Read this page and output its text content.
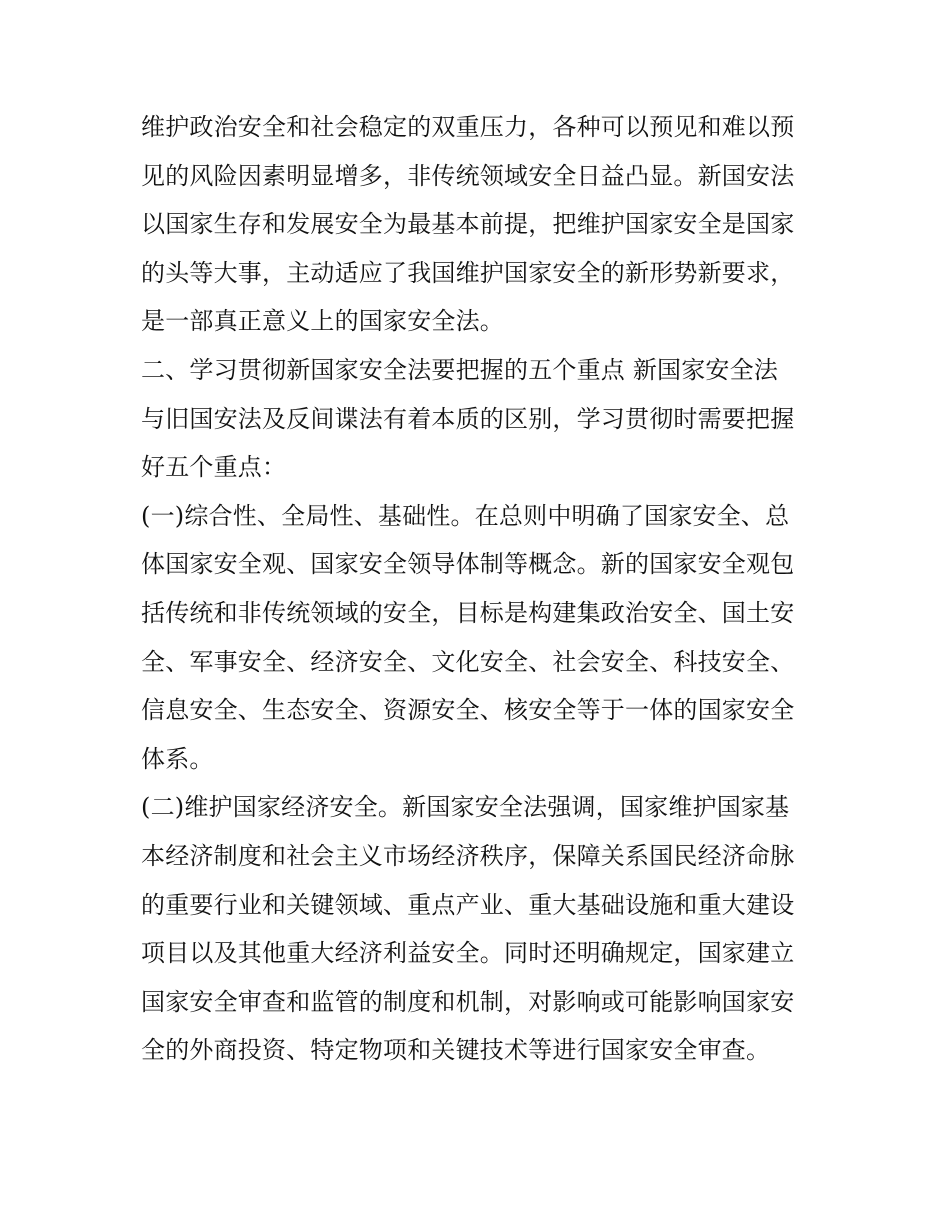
维护政治安全和社会稳定的双重压力，各种可以预见和难以预
见的风险因素明显增多，非传统领域安全日益凸显。新国安法
以国家生存和发展安全为最基本前提，把维护国家安全是国家
的头等大事，主动适应了我国维护国家安全的新形势新要求，
是一部真正意义上的国家安全法。
二、学习贯彻新国家安全法要把握的五个重点 新国家安全法
与旧国安法及反间谍法有着本质的区别，学习贯彻时需要把握
好五个重点：
(一)综合性、全局性、基础性。在总则中明确了国家安全、总
体国家安全观、国家安全领导体制等概念。新的国家安全观包
括传统和非传统领域的安全，目标是构建集政治安全、国土安
全、军事安全、经济安全、文化安全、社会安全、科技安全、
信息安全、生态安全、资源安全、核安全等于一体的国家安全
体系。
(二)维护国家经济安全。新国家安全法强调，国家维护国家基
本经济制度和社会主义市场经济秩序，保障关系国民经济命脉
的重要行业和关键领域、重点产业、重大基础设施和重大建设
项目以及其他重大经济利益安全。同时还明确规定，国家建立
国家安全审查和监管的制度和机制，对影响或可能影响国家安
全的外商投资、特定物项和关键技术等进行国家安全审查。
